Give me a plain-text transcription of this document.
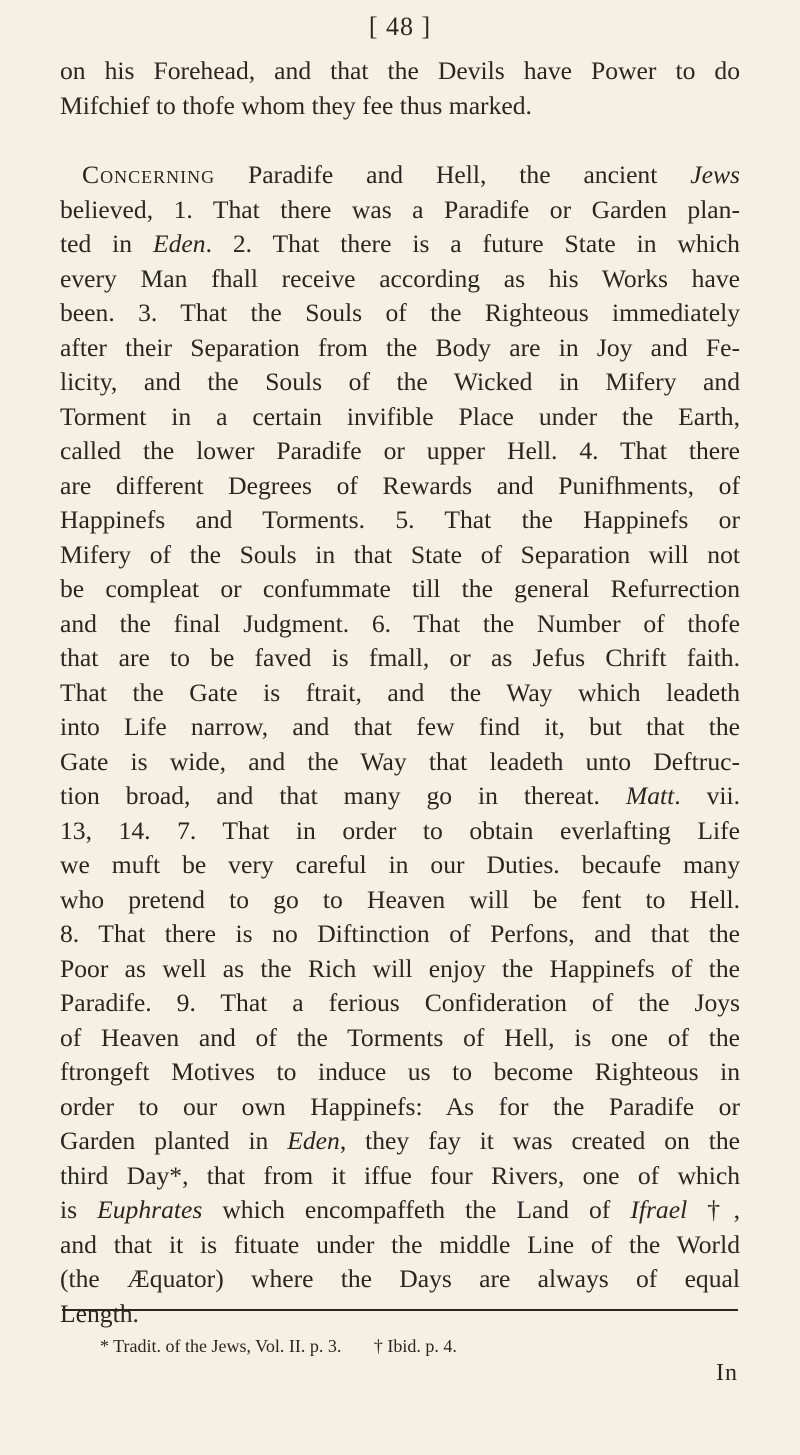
[ 48 ]
on his Forehead, and that the Devils have Power to do
Mifchief to thofe whom they fee thus marked.
Concerning Paradife and Hell, the ancient Jews
believed, 1. That there was a Paradife or Garden plan-
ted in Eden. 2. That there is a future State in which
every Man fhall receive according as his Works have
been. 3. That the Souls of the Righteous immediately
after their Separation from the Body are in Joy and Fe-
licity, and the Souls of the Wicked in Mifery and
Torment in a certain invifible Place under the Earth,
called the lower Paradife or upper Hell. 4. That there
are different Degrees of Rewards and Punifhments, of
Happinefs and Torments. 5. That the Happinefs or
Mifery of the Souls in that State of Separation will not
be compleat or confummate till the general Refurrection
and the final Judgment. 6. That the Number of thofe
that are to be faved is fmall, or as Jefus Chrift faith.
That the Gate is ftrait, and the Way which leadeth
into Life narrow, and that few find it, but that the
Gate is wide, and the Way that leadeth unto Deftruc-
tion broad, and that many go in thereat. Matt. vii.
13, 14. 7. That in order to obtain everlafting Life
we muft be very careful in our Duties. becaufe many
who pretend to go to Heaven will be fent to Hell.
8. That there is no Diftinction of Perfons, and that the
Poor as well as the Rich will enjoy the Happinefs of the
Paradife. 9. That a ferious Confideration of the Joys
of Heaven and of the Torments of Hell, is one of the
ftrongeft Motives to induce us to become Righteous in
order to our own Happinefs: As for the Paradife or
Garden planted in Eden, they fay it was created on the
third Day*, that from it iffue four Rivers, one of which
is Euphrates which encompaffeth the Land of Ifrael †,
and that it is fituate under the middle Line of the World
(the Æquator) where the Days are always of equal
Length.
* Tradit. of the Jews, Vol. II. p. 3. † Ibid. p. 4.
In
